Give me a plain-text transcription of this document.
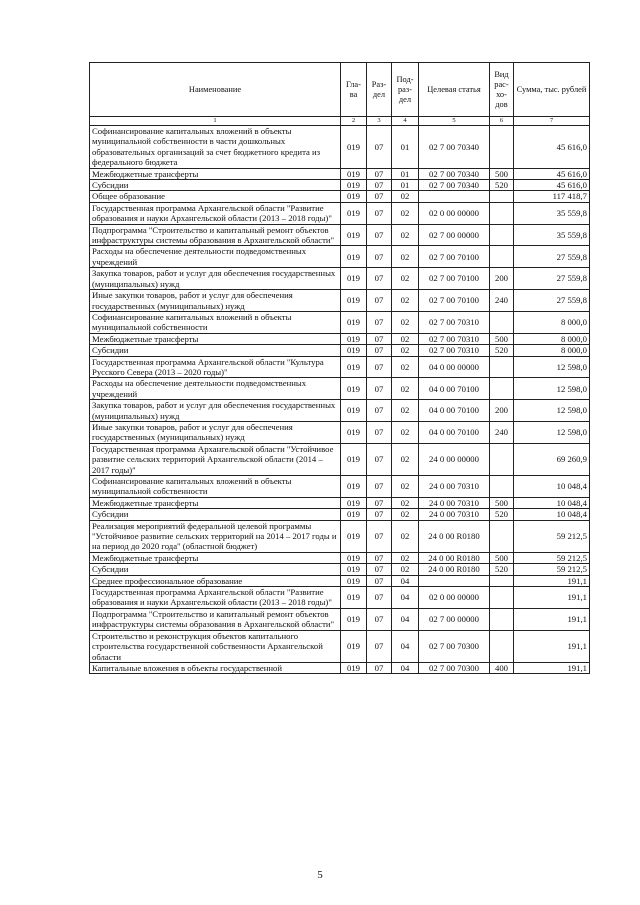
Наименование	Гла-ва	Раз-дел	Под-раз-дел	Целевая статья	Вид рас-хо-дов	Сумма, тыс. рублей
1	2	3	4	5	6	7
Софинансирование капитальных вложений в объекты муниципальной собственности в части дошкольных образовательных организаций за счет бюджетного кредита из федерального бюджета	019	07	01	02 7 00 70340		45 616,0
Межбюджетные трансферты	019	07	01	02 7 00 70340	500	45 616,0
Субсидии	019	07	01	02 7 00 70340	520	45 616,0
Общее образование	019	07	02			117 418,7
Государственная программа Архангельской области "Развитие образования и науки Архангельской области (2013 – 2018 годы)"	019	07	02	02 0 00 00000		35 559,8
Подпрограмма "Строительство и капитальный ремонт объектов инфраструктуры системы образования в Архангельской области"	019	07	02	02 7 00 00000		35 559,8
Расходы на обеспечение деятельности подведомственных учреждений	019	07	02	02 7 00 70100		27 559,8
Закупка товаров, работ и услуг для обеспечения государственных (муниципальных) нужд	019	07	02	02 7 00 70100	200	27 559,8
Иные закупки товаров, работ и услуг для обеспечения государственных (муниципальных) нужд	019	07	02	02 7 00 70100	240	27 559,8
Софинансирование капитальных вложений в объекты муниципальной собственности	019	07	02	02 7 00 70310		8 000,0
Межбюджетные трансферты	019	07	02	02 7 00 70310	500	8 000,0
Субсидии	019	07	02	02 7 00 70310	520	8 000,0
Государственная программа Архангельской области "Культура Русского Севера (2013 – 2020 годы)"	019	07	02	04 0 00 00000		12 598,0
Расходы на обеспечение деятельности подведомственных учреждений	019	07	02	04 0 00 70100		12 598,0
Закупка товаров, работ и услуг для обеспечения государственных (муниципальных) нужд	019	07	02	04 0 00 70100	200	12 598,0
Иные закупки товаров, работ и услуг для обеспечения государственных (муниципальных) нужд	019	07	02	04 0 00 70100	240	12 598,0
Государственная программа Архангельской области "Устойчивое развитие сельских территорий Архангельской области (2014 – 2017 годы)"	019	07	02	24 0 00 00000		69 260,9
Софинансирование капитальных вложений в объекты муниципальной собственности	019	07	02	24 0 00 70310		10 048,4
Межбюджетные трансферты	019	07	02	24 0 00 70310	500	10 048,4
Субсидии	019	07	02	24 0 00 70310	520	10 048,4
Реализация мероприятий федеральной целевой программы "Устойчивое развитие сельских территорий на 2014 – 2017 годы и на период до 2020 года" (областной бюджет)	019	07	02	24 0 00 R0180		59 212,5
Межбюджетные трансферты	019	07	02	24 0 00 R0180	500	59 212,5
Субсидии	019	07	02	24 0 00 R0180	520	59 212,5
Среднее профессиональное образование	019	07	04			191,1
Государственная программа Архангельской области "Развитие образования и науки Архангельской области (2013 – 2018 годы)"	019	07	04	02 0 00 00000		191,1
Подпрограмма "Строительство и капитальный ремонт объектов инфраструктуры системы образования в Архангельской области"	019	07	04	02 7 00 00000		191,1
Строительство и реконструкция объектов капитального строительства государственной собственности Архангельской области	019	07	04	02 7 00 70300		191,1
Капитальные вложения в объекты государственной	019	07	04	02 7 00 70300	400	191,1
5
